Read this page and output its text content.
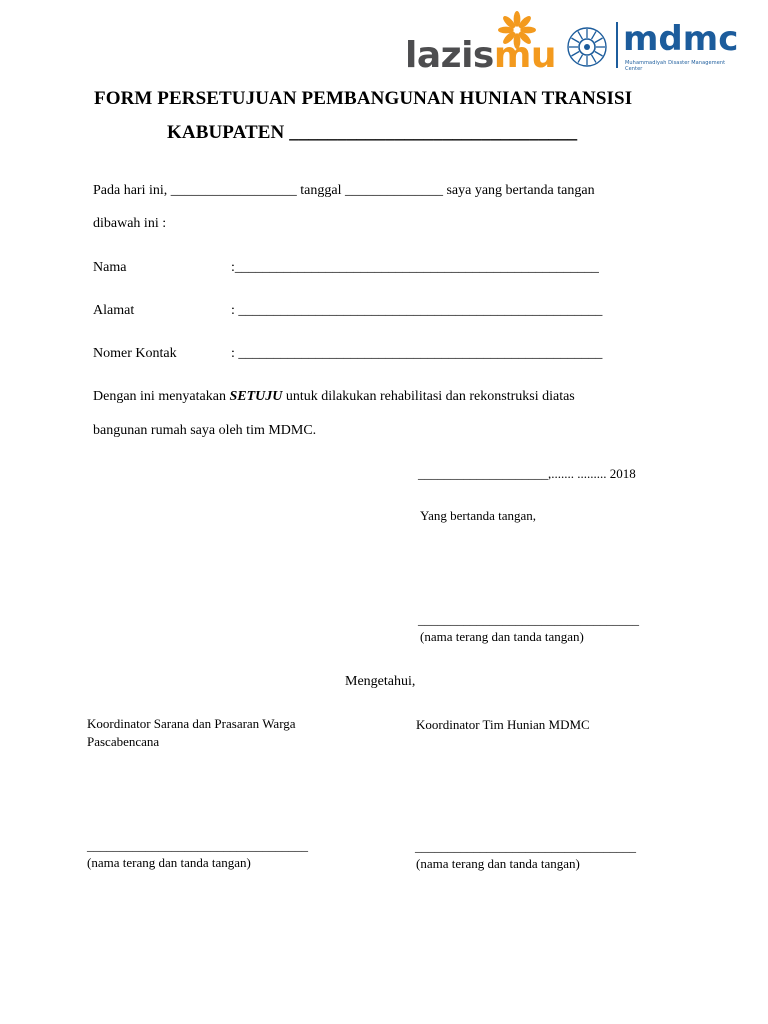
lazismu mdmc
Muhammadiyah Disaster Management Center
FORM PERSETUJUAN PEMBANGUNAN HUNIAN TRANSISI
KABUPATEN ______________________________
Pada hari ini, __________________ tanggal ______________ saya yang bertanda tangan
dibawah ini :
Nama	:____________________________________________________
Alamat	: ____________________________________________________
Nomer Kontak	: ____________________________________________________
Dengan ini menyatakan SETUJU untuk dilakukan rehabilitasi dan rekonstruksi diatas
bangunan rumah saya oleh tim MDMC.
____________________,....... ......... 2018
Yang bertanda tangan,
__________________________________
(nama terang dan tanda tangan)
Mengetahui,
Koordinator Sarana dan Prasaran Warga
Pascabencana
__________________________________
(nama terang dan tanda tangan)
Koordinator Tim Hunian MDMC
__________________________________
(nama terang dan tanda tangan)
